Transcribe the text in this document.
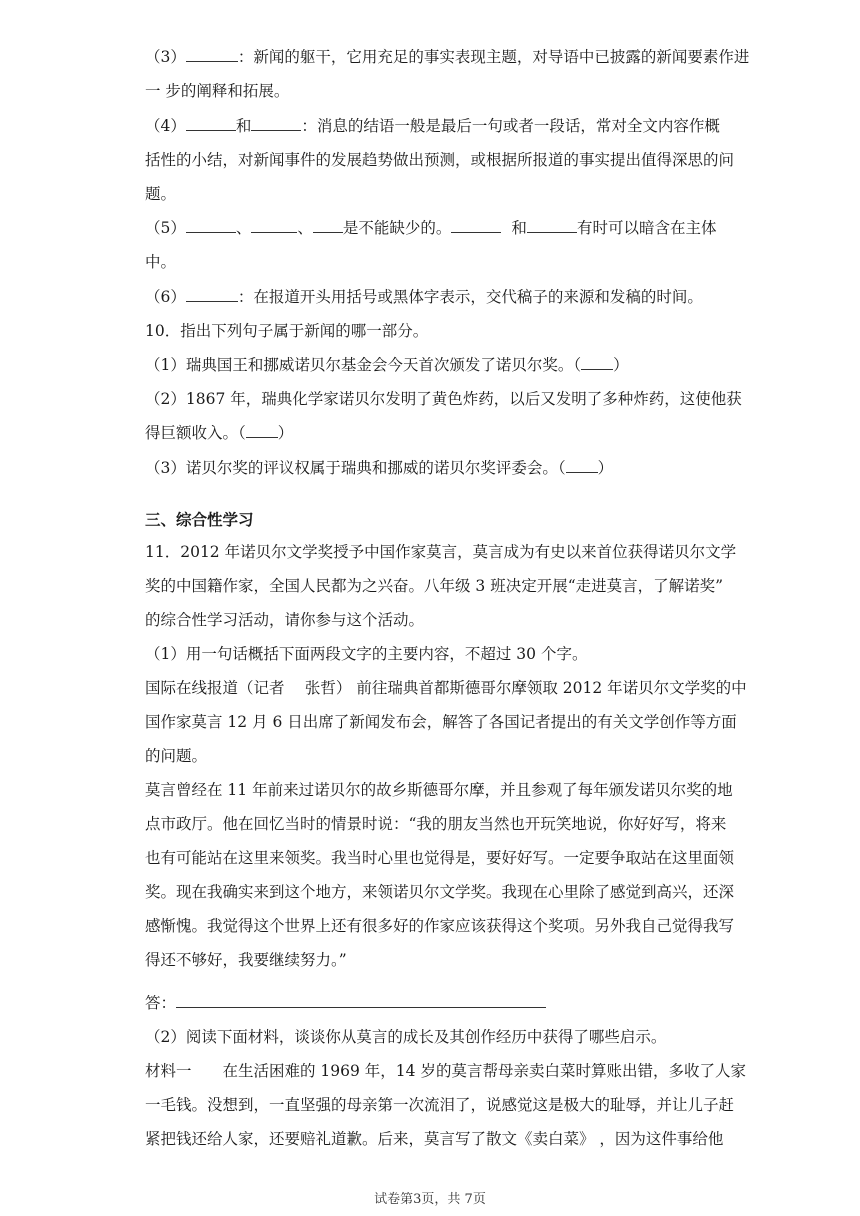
（3）	：新闻的躯干，它用充足的事实表现主题，对导语中已披露的新闻要素作进
一 步的阐释和拓展。
（4）	和	：消息的结语一般是最后一句或者一段话，常对全文内容作概
括性的小结，对新闻事件的发展趋势做出预测，或根据所报道的事实提出值得深思的问
题。
（5）	、	、 是不能缺少的。	和	有时可以暗含在主体
中。
（6）	：在报道开头用括号或黑体字表示，交代稿子的来源和发稿的时间。
10．指出下列句子属于新闻的哪一部分。
（1）瑞典国王和挪威诺贝尔基金会今天首次颁发了诺贝尔奖。（ ）
（2）1867 年，瑞典化学家诺贝尔发明了黄色炸药，以后又发明了多种炸药，这使他获
得巨额收入。（ ）
（3）诺贝尔奖的评议权属于瑞典和挪威的诺贝尔奖评委会。（ ）
三、综合性学习
11．2012 年诺贝尔文学奖授予中国作家莫言，莫言成为有史以来首位获得诺贝尔文学
奖的中国籍作家，全国人民都为之兴奋。八年级 3 班决定开展“走进莫言，了解诺奖”
的综合性学习活动，请你参与这个活动。
（1）用一句话概括下面两段文字的主要内容，不超过 30 个字。
国际在线报道（记者　 张哲） 前往瑞典首都斯德哥尔摩领取 2012 年诺贝尔文学奖的中
国作家莫言 12 月 6 日出席了新闻发布会，解答了各国记者提出的有关文学创作等方面
的问题。
莫言曾经在 11 年前来过诺贝尔的故乡斯德哥尔摩，并且参观了每年颁发诺贝尔奖的地
点市政厅。他在回忆当时的情景时说：“我的朋友当然也开玩笑地说，你好好写，将来
也有可能站在这里来领奖。我当时心里也觉得是，要好好写。一定要争取站在这里面领
奖。现在我确实来到这个地方，来领诺贝尔文学奖。我现在心里除了感觉到高兴，还深
感惭愧。我觉得这个世界上还有很多好的作家应该获得这个奖项。另外我自己觉得我写
得还不够好，我要继续努力。”
答：
（2）阅读下面材料，谈谈你从莫言的成长及其创作经历中获得了哪些启示。
材料一　　在生活困难的 1969 年，14 岁的莫言帮母亲卖白菜时算账出错，多收了人家
一毛钱。没想到，一直坚强的母亲第一次流泪了，说感觉这是极大的耻辱，并让儿子赶
紧把钱还给人家，还要赔礼道歉。后来，莫言写了散文《卖白菜》 ，因为这件事给他
试卷第3页，共 7页
